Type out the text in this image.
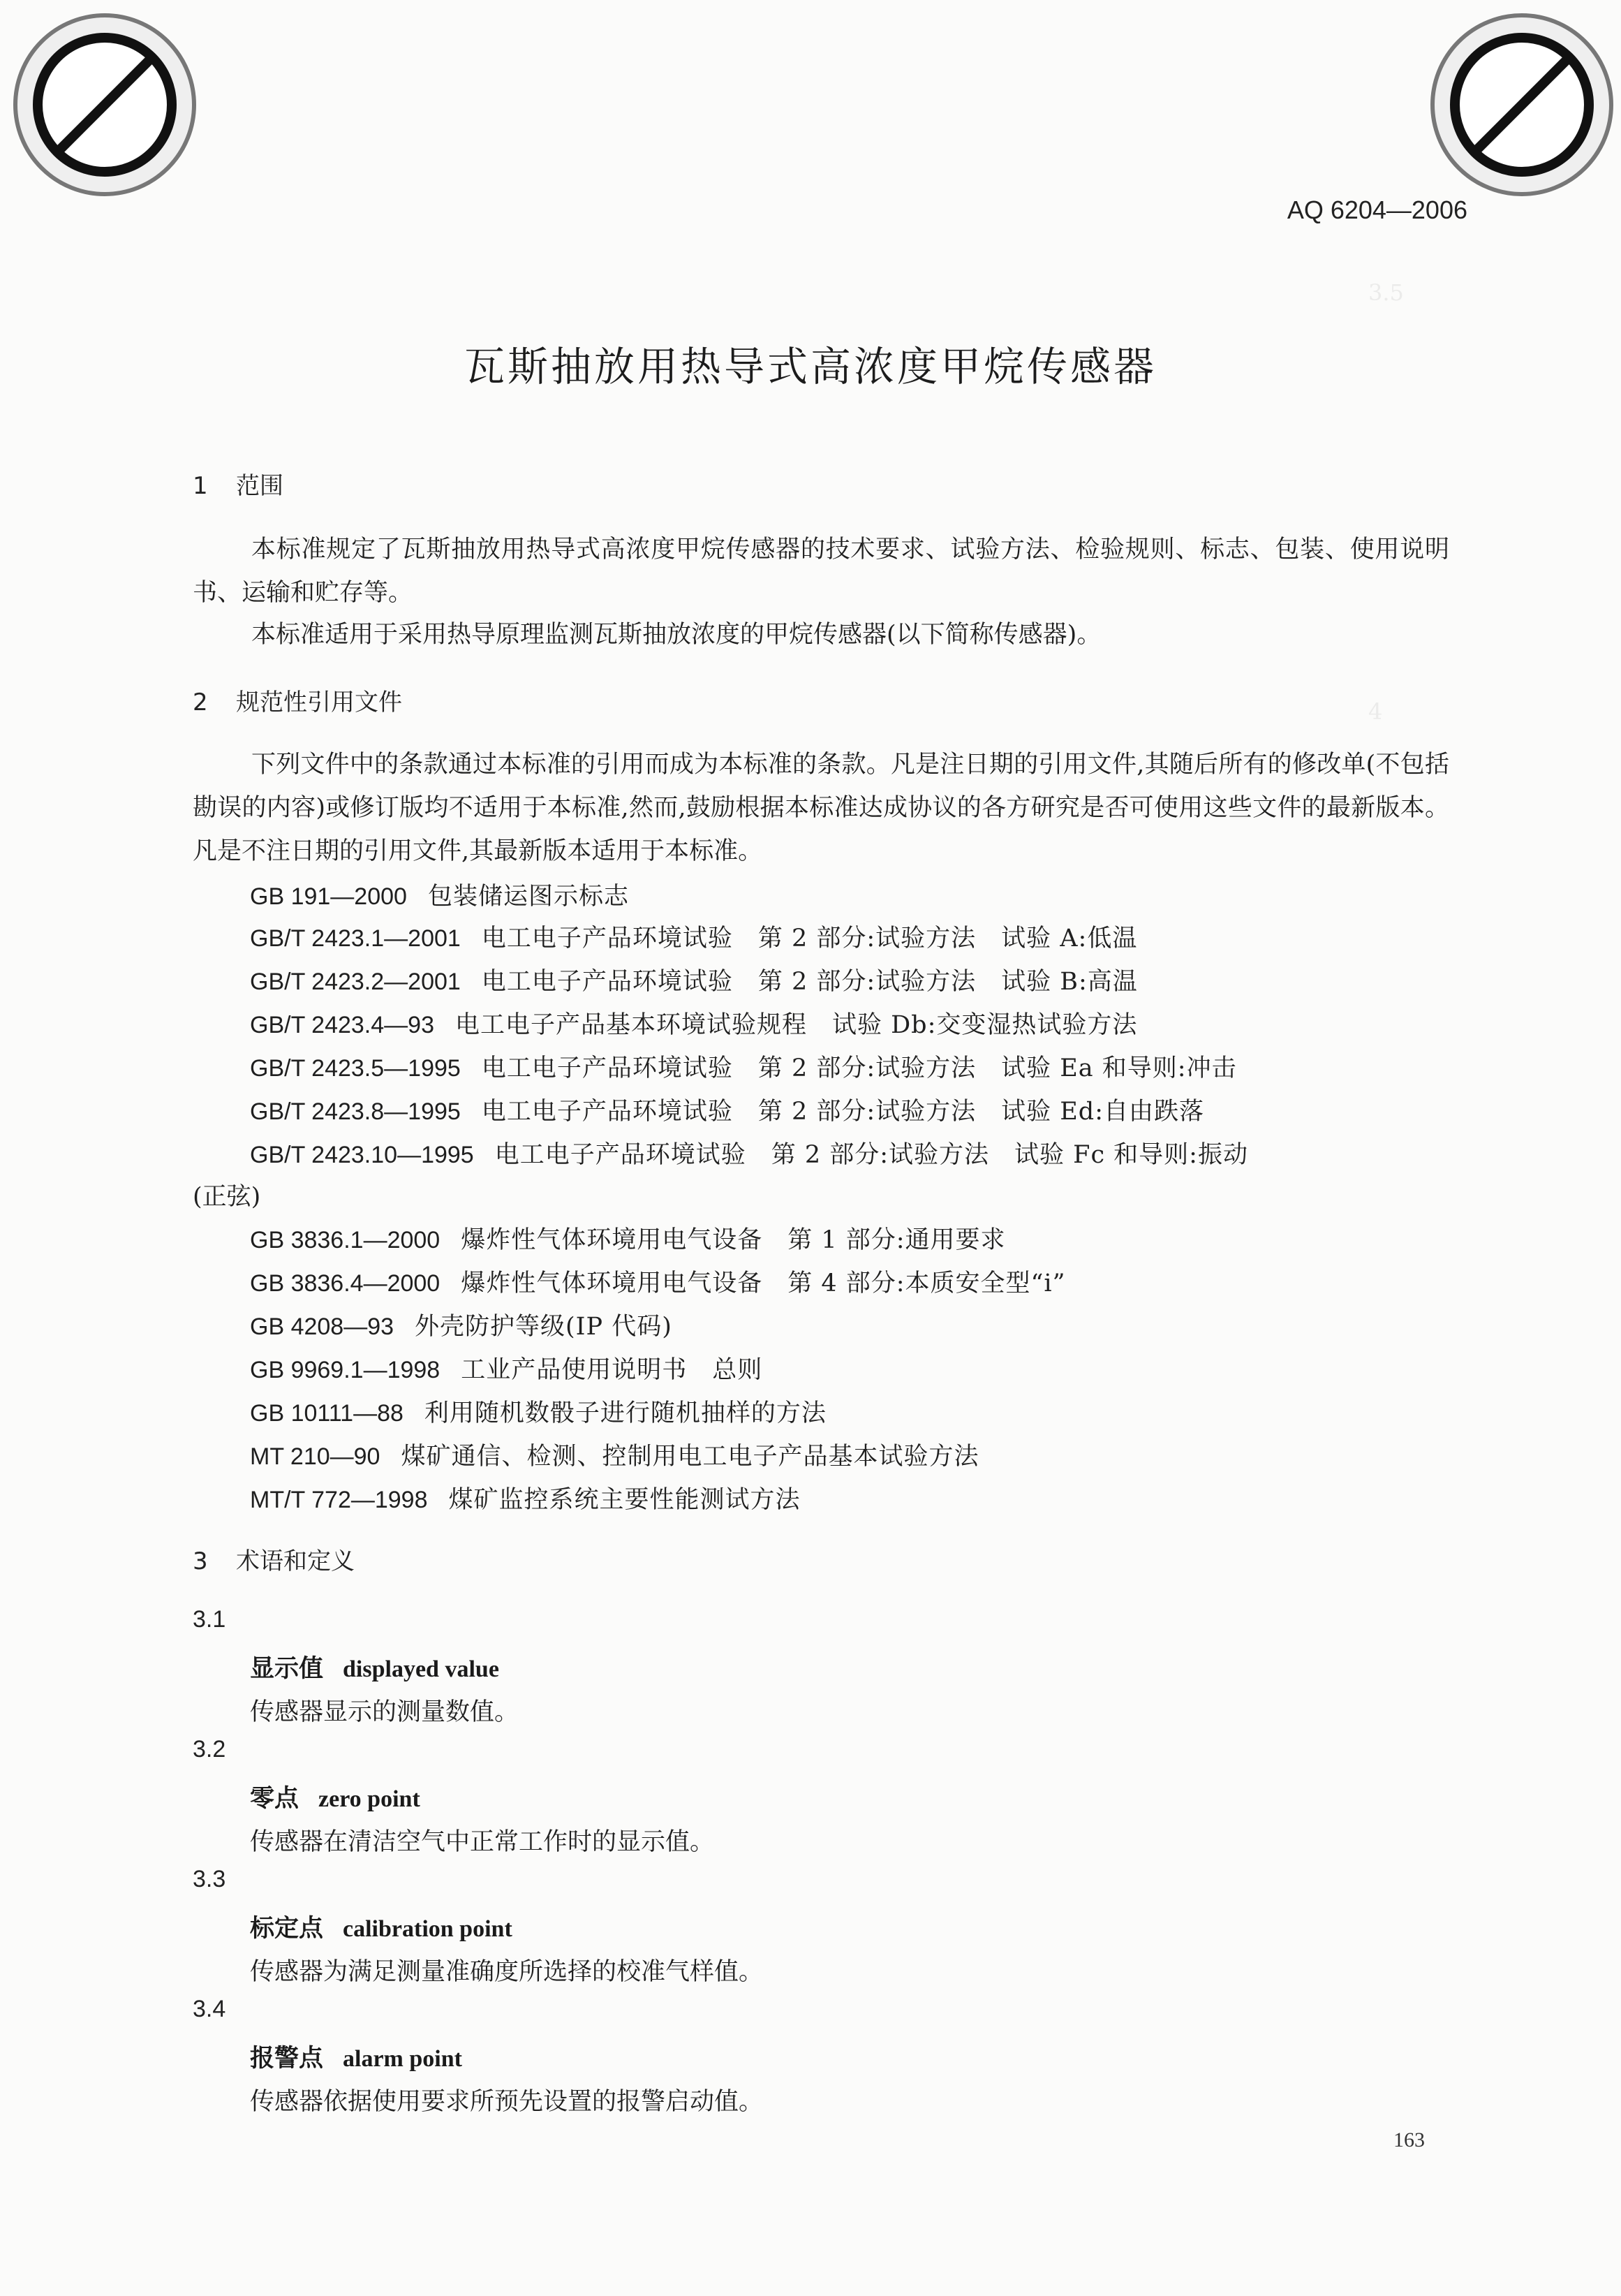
3.5
4
AQ 6204—2006
瓦斯抽放用热导式高浓度甲烷传感器
1 范围
本标准规定了瓦斯抽放用热导式高浓度甲烷传感器的技术要求、试验方法、检验规则、标志、包装、使用说明书、运输和贮存等。
本标准适用于采用热导原理监测瓦斯抽放浓度的甲烷传感器(以下简称传感器)。
2 规范性引用文件
下列文件中的条款通过本标准的引用而成为本标准的条款。凡是注日期的引用文件,其随后所有的修改单(不包括勘误的内容)或修订版均不适用于本标准,然而,鼓励根据本标准达成协议的各方研究是否可使用这些文件的最新版本。凡是不注日期的引用文件,其最新版本适用于本标准。
GB 191—2000 包装储运图示标志
GB/T 2423.1—2001 电工电子产品环境试验　第 2 部分:试验方法　试验 A:低温
GB/T 2423.2—2001 电工电子产品环境试验　第 2 部分:试验方法　试验 B:高温
GB/T 2423.4—93 电工电子产品基本环境试验规程　试验 Db:交变湿热试验方法
GB/T 2423.5—1995 电工电子产品环境试验　第 2 部分:试验方法　试验 Ea 和导则:冲击
GB/T 2423.8—1995 电工电子产品环境试验　第 2 部分:试验方法　试验 Ed:自由跌落
GB/T 2423.10—1995 电工电子产品环境试验　第 2 部分:试验方法　试验 Fc 和导则:振动
(正弦)
GB 3836.1—2000 爆炸性气体环境用电气设备　第 1 部分:通用要求
GB 3836.4—2000 爆炸性气体环境用电气设备　第 4 部分:本质安全型“i”
GB 4208—93 外壳防护等级(IP 代码)
GB 9969.1—1998 工业产品使用说明书　总则
GB 10111—88 利用随机数骰子进行随机抽样的方法
MT 210—90 煤矿通信、检测、控制用电工电子产品基本试验方法
MT/T 772—1998 煤矿监控系统主要性能测试方法
3 术语和定义
3.1
显示值 displayed value
传感器显示的测量数值。
3.2
零点 zero point
传感器在清洁空气中正常工作时的显示值。
3.3
标定点 calibration point
传感器为满足测量准确度所选择的校准气样值。
3.4
报警点 alarm point
传感器依据使用要求所预先设置的报警启动值。
163
